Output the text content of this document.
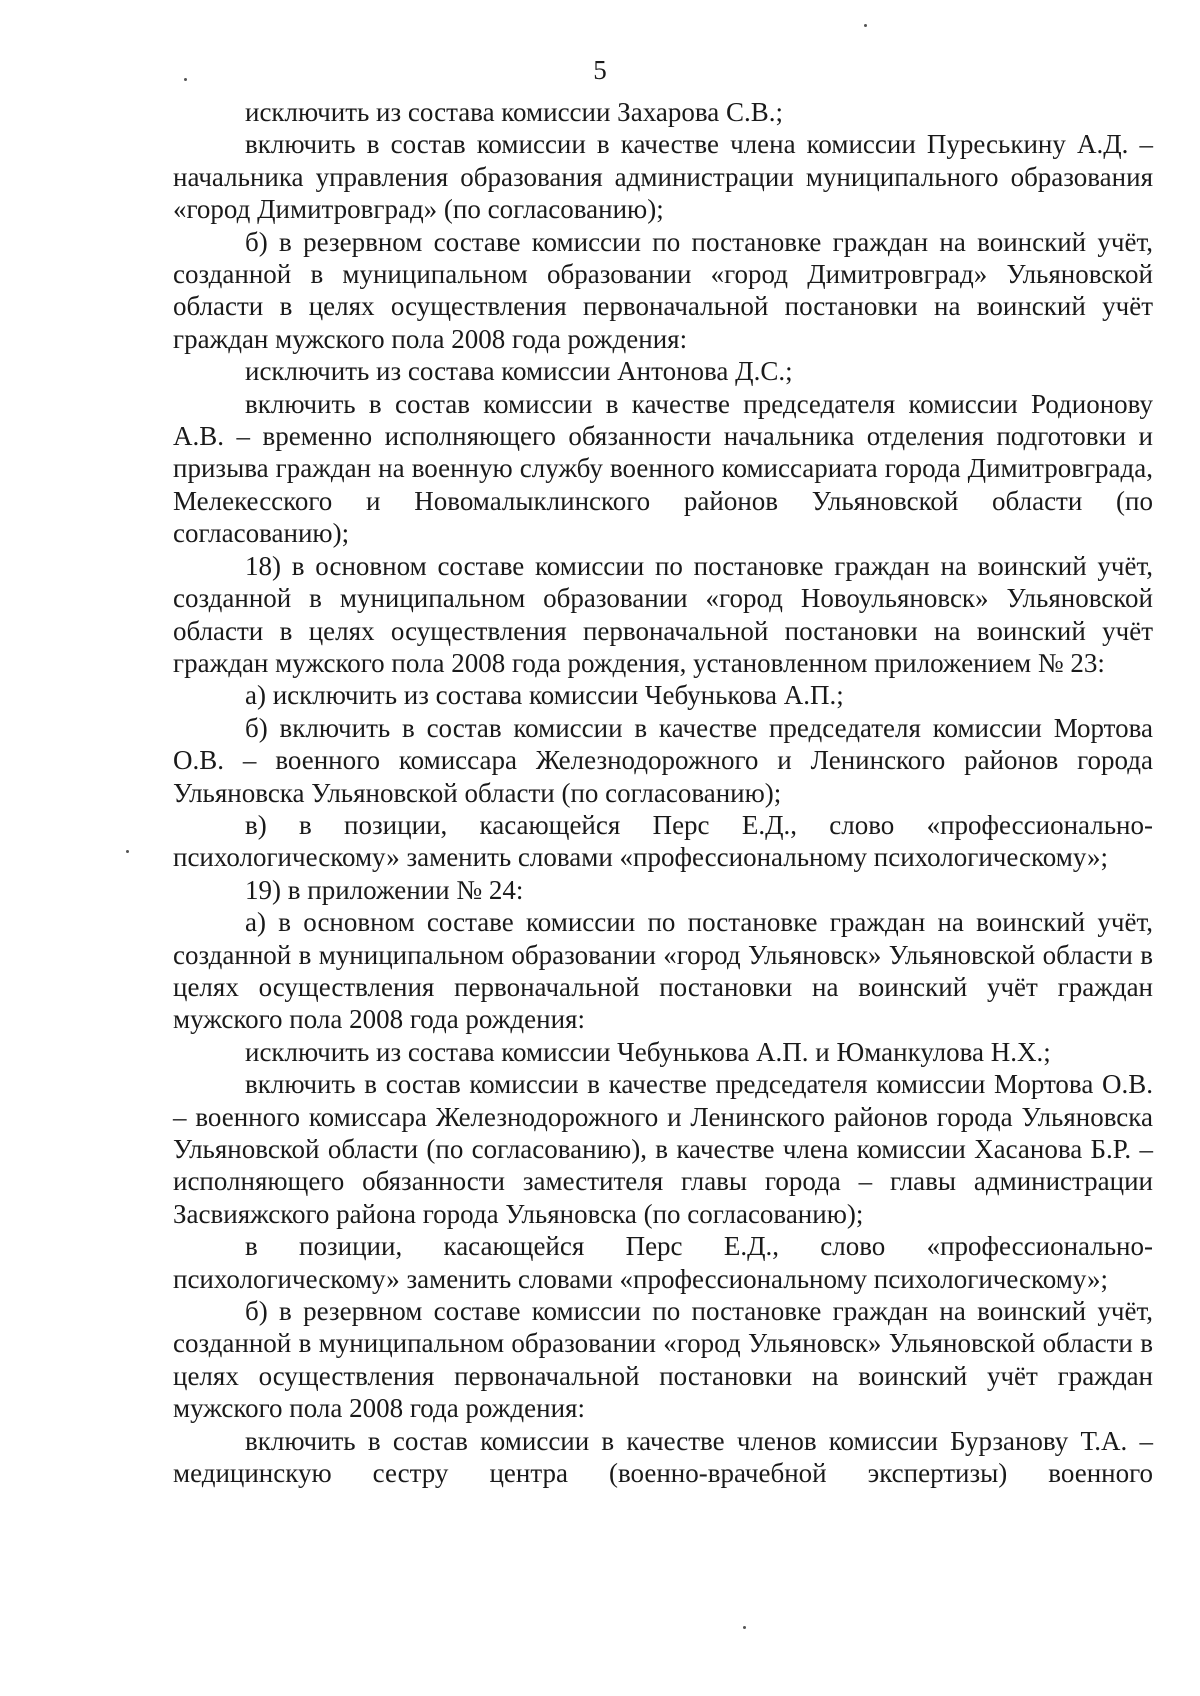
5

исключить из состава комиссии Захарова С.В.;

включить в состав комиссии в качестве члена комиссии Пуреськину А.Д. – начальника управления образования администрации муниципального образования «город Димитровград» (по согласованию);

б) в резервном составе комиссии по постановке граждан на воинский учёт, созданной в муниципальном образовании «город Димитровград» Ульяновской области в целях осуществления первоначальной постановки на воинский учёт граждан мужского пола 2008 года рождения:

исключить из состава комиссии Антонова Д.С.;

включить в состав комиссии в качестве председателя комиссии Родионову А.В. – временно исполняющего обязанности начальника отделения подготовки и призыва граждан на военную службу военного комиссариата города Димитровграда, Мелекесского и Новомалыклинского районов Ульяновской области (по согласованию);

18) в основном составе комиссии по постановке граждан на воинский учёт, созданной в муниципальном образовании «город Новоульяновск» Ульяновской области в целях осуществления первоначальной постановки на воинский учёт граждан мужского пола 2008 года рождения, установленном приложением № 23:

а) исключить из состава комиссии Чебунькова А.П.;

б) включить в состав комиссии в качестве председателя комиссии Мортова О.В. – военного комиссара Железнодорожного и Ленинского районов города Ульяновска Ульяновской области (по согласованию);

в) в позиции, касающейся Перс Е.Д., слово «профессионально-психологическому» заменить словами «профессиональному психологическому»;

19) в приложении № 24:

а) в основном составе комиссии по постановке граждан на воинский учёт, созданной в муниципальном образовании «город Ульяновск» Ульяновской области в целях осуществления первоначальной постановки на воинский учёт граждан мужского пола 2008 года рождения:

исключить из состава комиссии Чебунькова А.П. и Юманкулова Н.Х.;

включить в состав комиссии в качестве председателя комиссии Мортова О.В. – военного комиссара Железнодорожного и Ленинского районов города Ульяновска Ульяновской области (по согласованию), в качестве члена комиссии Хасанова Б.Р. – исполняющего обязанности заместителя главы города – главы администрации Засвияжского района города Ульяновска (по согласованию);

в позиции, касающейся Перс Е.Д., слово «профессионально-психологическому» заменить словами «профессиональному психологическому»;

б) в резервном составе комиссии по постановке граждан на воинский учёт, созданной в муниципальном образовании «город Ульяновск» Ульяновской области в целях осуществления первоначальной постановки на воинский учёт граждан мужского пола 2008 года рождения:

включить в состав комиссии в качестве членов комиссии Бурзанову Т.А. – медицинскую сестру центра (военно-врачебной экспертизы) военного
